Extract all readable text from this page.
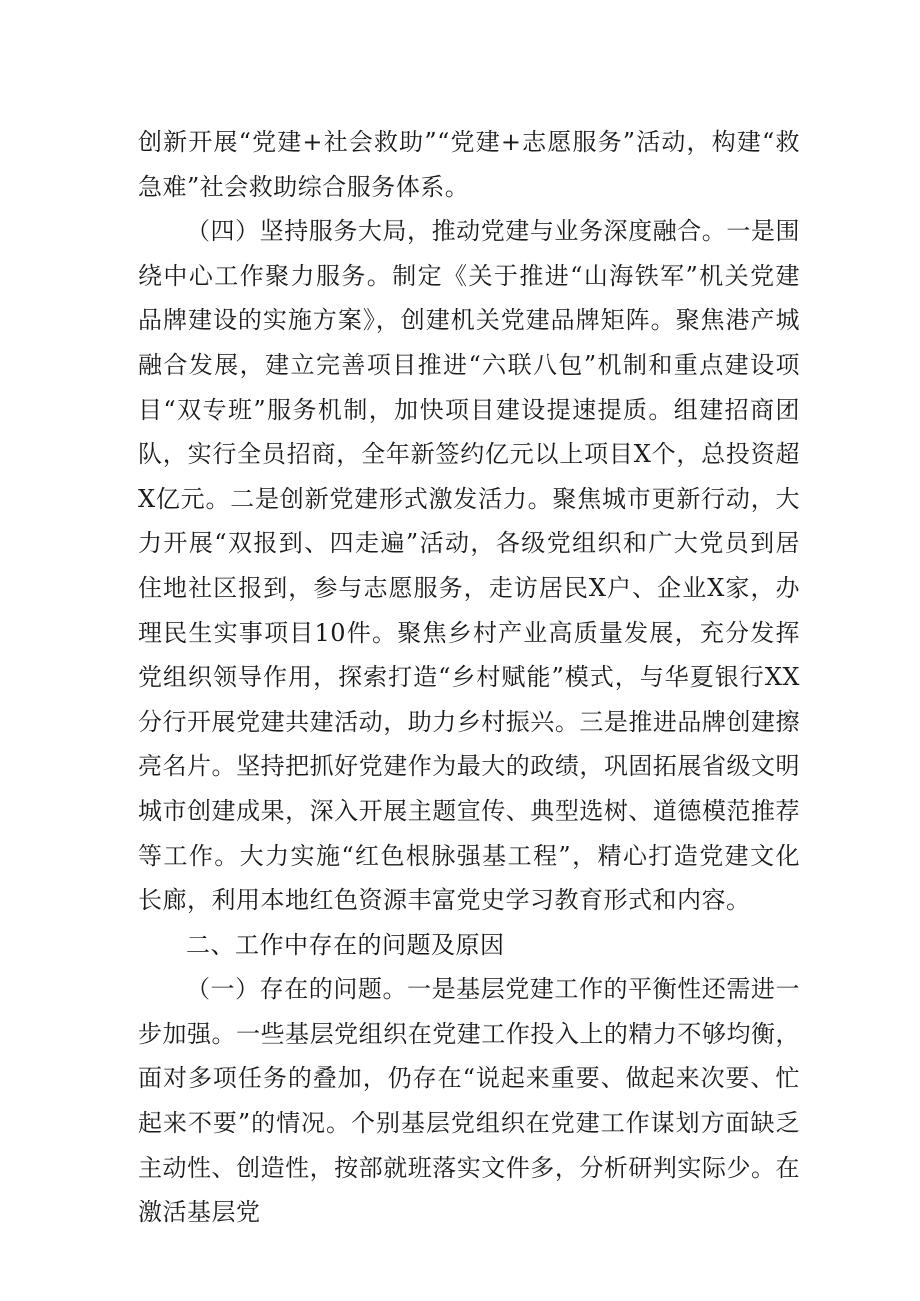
创新开展“党建+社会救助”“党建+志愿服务”活动，构建“救急难”社会救助综合服务体系。

（四）坚持服务大局，推动党建与业务深度融合。一是围绕中心工作聚力服务。制定《关于推进“山海铁军”机关党建品牌建设的实施方案》，创建机关党建品牌矩阵。聚焦港产城融合发展，建立完善项目推进“六联八包”机制和重点建设项目“双专班”服务机制，加快项目建设提速提质。组建招商团队，实行全员招商，全年新签约亿元以上项目X个，总投资超X亿元。二是创新党建形式激发活力。聚焦城市更新行动，大力开展“双报到、四走遍”活动，各级党组织和广大党员到居住地社区报到，参与志愿服务，走访居民X户、企业X家，办理民生实事项目10件。聚焦乡村产业高质量发展，充分发挥党组织领导作用，探索打造“乡村赋能”模式，与华夏银行XX分行开展党建共建活动，助力乡村振兴。三是推进品牌创建擦亮名片。坚持把抓好党建作为最大的政绩，巩固拓展省级文明城市创建成果，深入开展主题宣传、典型选树、道德模范推荐等工作。大力实施“红色根脉强基工程”，精心打造党建文化长廊，利用本地红色资源丰富党史学习教育形式和内容。

二、工作中存在的问题及原因

（一）存在的问题。一是基层党建工作的平衡性还需进一步加强。一些基层党组织在党建工作投入上的精力不够均衡，面对多项任务的叠加，仍存在“说起来重要、做起来次要、忙起来不要”的情况。个别基层党组织在党建工作谋划方面缺乏主动性、创造性，按部就班落实文件多，分析研判实际少。在激活基层党
